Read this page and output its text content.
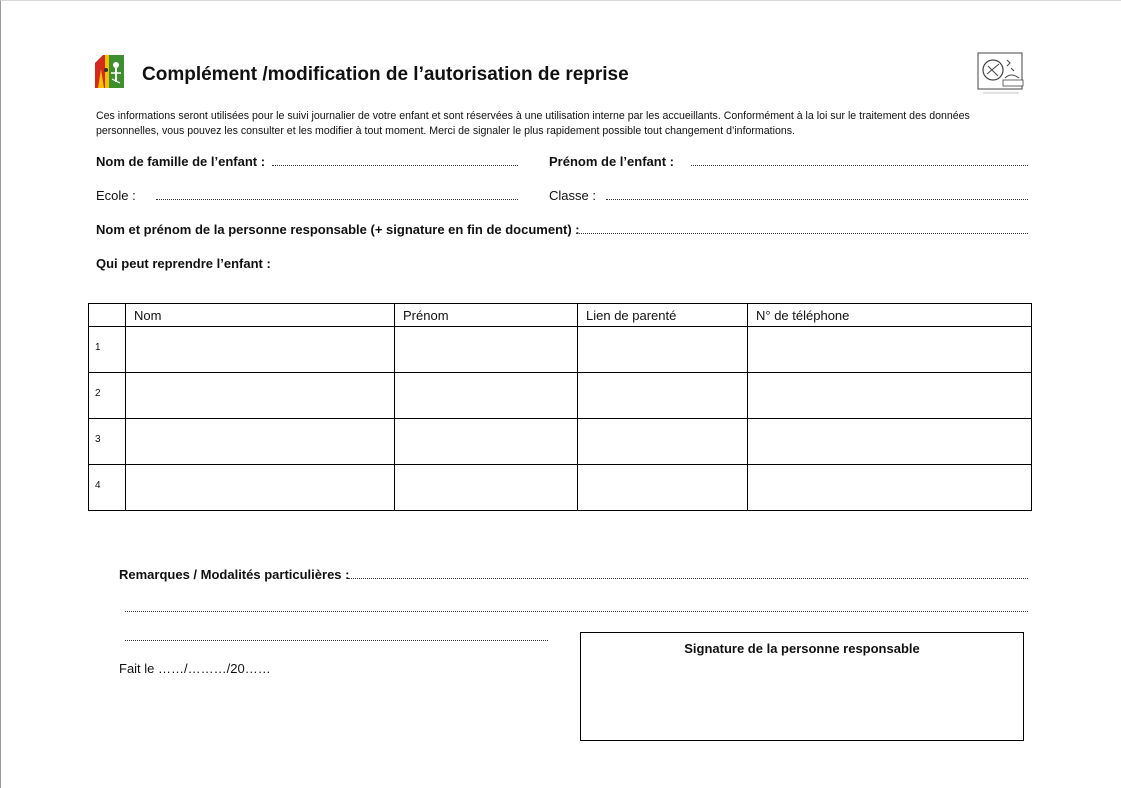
Complément /modification de l’autorisation de reprise
Ces informations seront utilisées pour le suivi journalier de votre enfant et sont réservées à une utilisation interne par les accueillants. Conformément à la loi sur le traitement des données personnelles, vous pouvez les consulter et les modifier à tout moment. Merci de signaler le plus rapidement possible tout changement d’informations.
Nom de famille de l’enfant :	Prénom de l’enfant :
Ecole :	Classe :
Nom et prénom de la personne responsable (+ signature en fin de document) :
Qui peut reprendre l’enfant :
	Nom	Prénom	Lien de parenté	N° de téléphone
1				
2				
3				
4				
Remarques / Modalités particulières :
Fait le ……/………/20……
Signature de la personne responsable
